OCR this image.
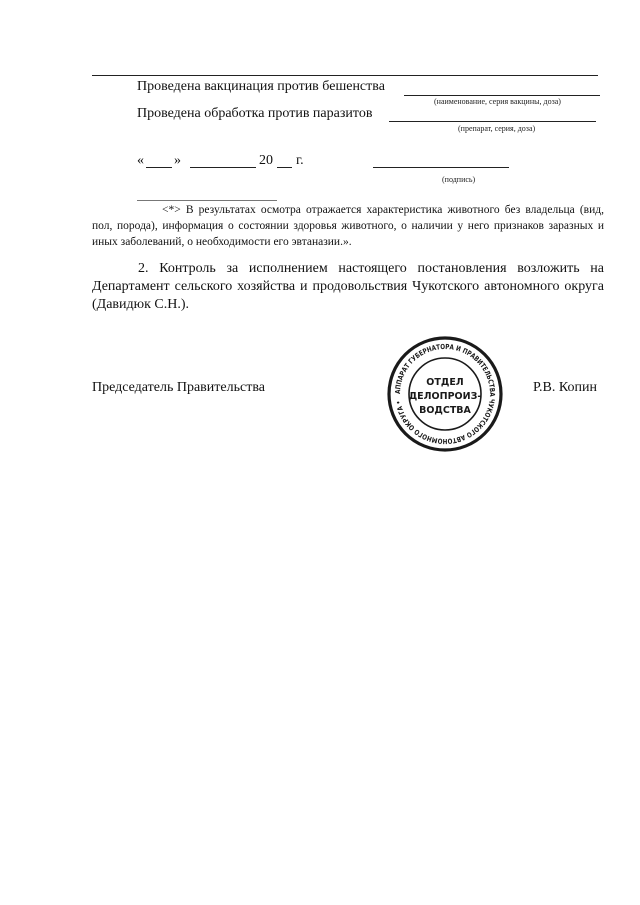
Проведена вакцинация против бешенства
(наименование, серия вакцины, доза)
Проведена обработка против паразитов
(препарат, серия, доза)
« »	20 г.
(подпись)
<*> В результатах осмотра отражается характеристика животного без владельца (вид, пол, порода), информация о состоянии здоровья животного, о наличии у него признаков заразных и иных заболеваний, о необходимости его эвтаназии.».
2. Контроль за исполнением настоящего постановления возложить на Департамент сельского хозяйства и продовольствия Чукотского автономного округа (Давидюк С.Н.).
Председатель Правительства	Р.В. Копин
АППАРАТ ГУБЕРНАТОРА И ПРАВИТЕЛЬСТВА ЧУКОТСКОГО АВТОНОМНОГО ОКРУГА •
ОТДЕЛ
ДЕЛОПРОИЗ-
ВОДСТВА
